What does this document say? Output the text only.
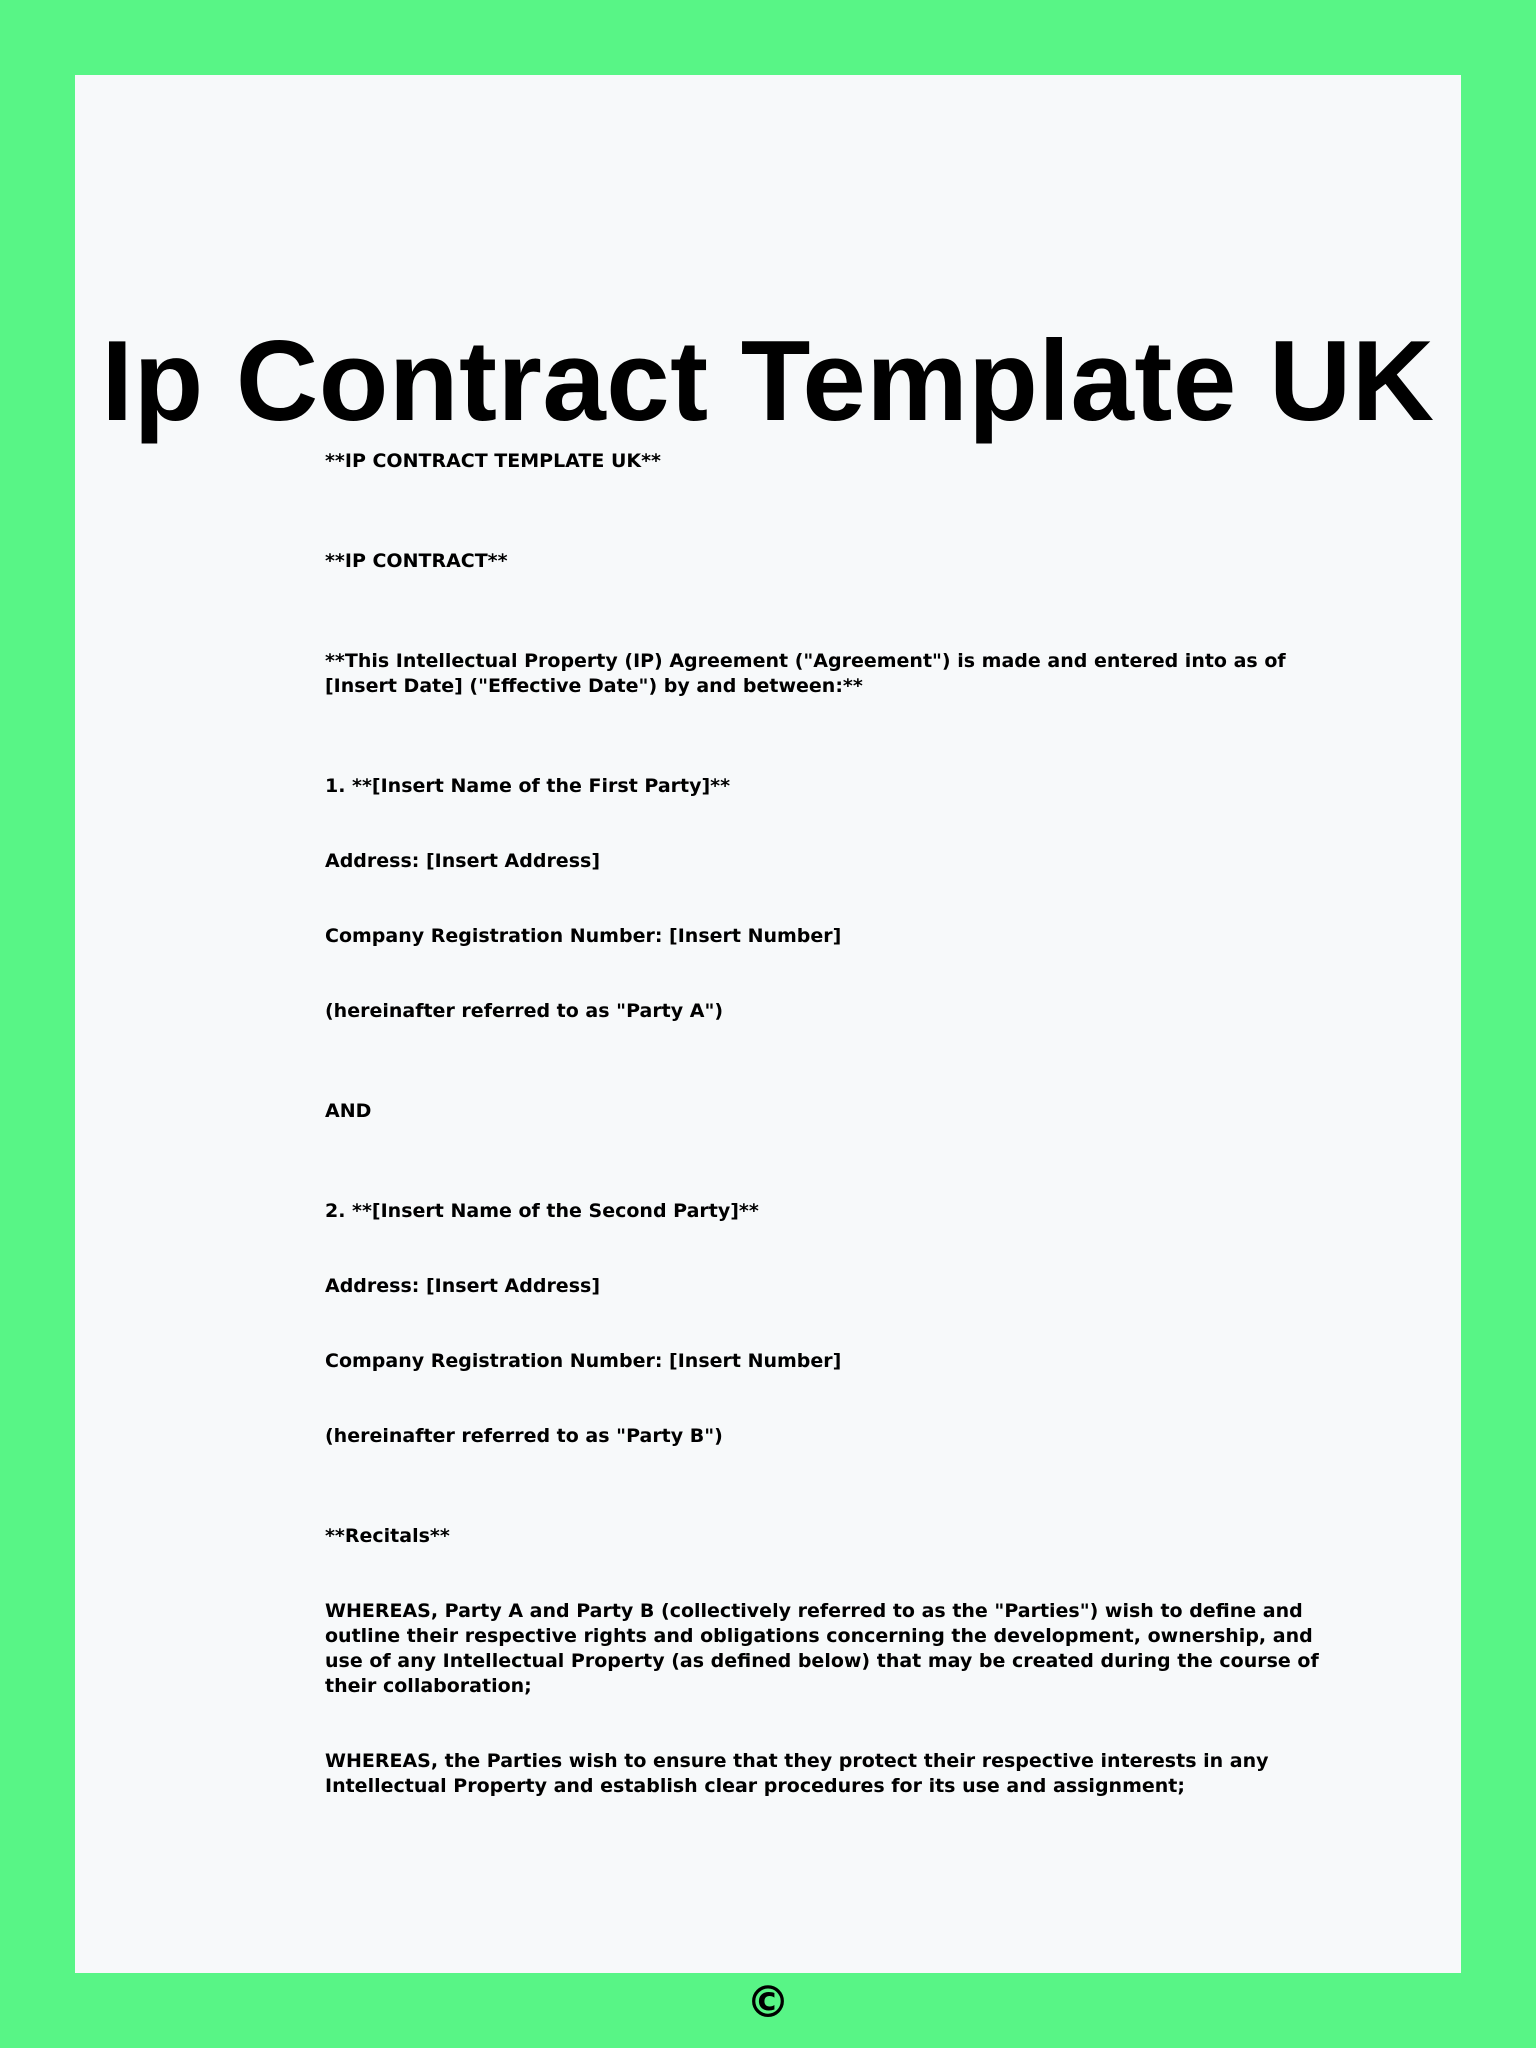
Ip Contract Template UK

**IP CONTRACT TEMPLATE UK**

**IP CONTRACT**

**This Intellectual Property (IP) Agreement ("Agreement") is made and entered into as of [Insert Date] ("Effective Date") by and between:**

1. **[Insert Name of the First Party]**

Address: [Insert Address]

Company Registration Number: [Insert Number]

(hereinafter referred to as "Party A")

AND

2. **[Insert Name of the Second Party]**

Address: [Insert Address]

Company Registration Number: [Insert Number]

(hereinafter referred to as "Party B")

**Recitals**

WHEREAS, Party A and Party B (collectively referred to as the "Parties") wish to define and outline their respective rights and obligations concerning the development, ownership, and use of any Intellectual Property (as defined below) that may be created during the course of their collaboration;

WHEREAS, the Parties wish to ensure that they protect their respective interests in any Intellectual Property and establish clear procedures for its use and assignment;

©
